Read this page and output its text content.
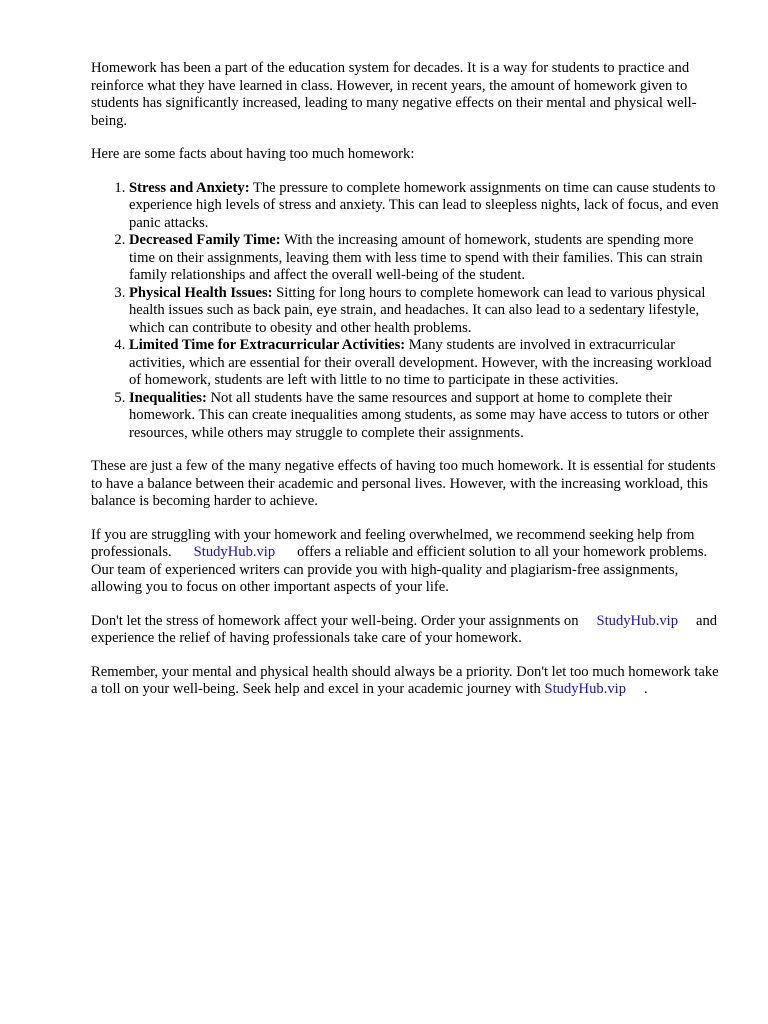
Homework has been a part of the education system for decades. It is a way for students to practice and reinforce what they have learned in class. However, in recent years, the amount of homework given to students has significantly increased, leading to many negative effects on their mental and physical well-being.

Here are some facts about having too much homework:

1. Stress and Anxiety: The pressure to complete homework assignments on time can cause students to experience high levels of stress and anxiety. This can lead to sleepless nights, lack of focus, and even panic attacks.
2. Decreased Family Time: With the increasing amount of homework, students are spending more time on their assignments, leaving them with less time to spend with their families. This can strain family relationships and affect the overall well-being of the student.
3. Physical Health Issues: Sitting for long hours to complete homework can lead to various physical health issues such as back pain, eye strain, and headaches. It can also lead to a sedentary lifestyle, which can contribute to obesity and other health problems.
4. Limited Time for Extracurricular Activities: Many students are involved in extracurricular activities, which are essential for their overall development. However, with the increasing workload of homework, students are left with little to no time to participate in these activities.
5. Inequalities: Not all students have the same resources and support at home to complete their homework. This can create inequalities among students, as some may have access to tutors or other resources, while others may struggle to complete their assignments.

These are just a few of the many negative effects of having too much homework. It is essential for students to have a balance between their academic and personal lives. However, with the increasing workload, this balance is becoming harder to achieve.

If you are struggling with your homework and feeling overwhelmed, we recommend seeking help from professionals. StudyHub.vip offers a reliable and efficient solution to all your homework problems. Our team of experienced writers can provide you with high-quality and plagiarism-free assignments, allowing you to focus on other important aspects of your life.

Don't let the stress of homework affect your well-being. Order your assignments on StudyHub.vip and experience the relief of having professionals take care of your homework.

Remember, your mental and physical health should always be a priority. Don't let too much homework take a toll on your well-being. Seek help and excel in your academic journey with StudyHub.vip .
